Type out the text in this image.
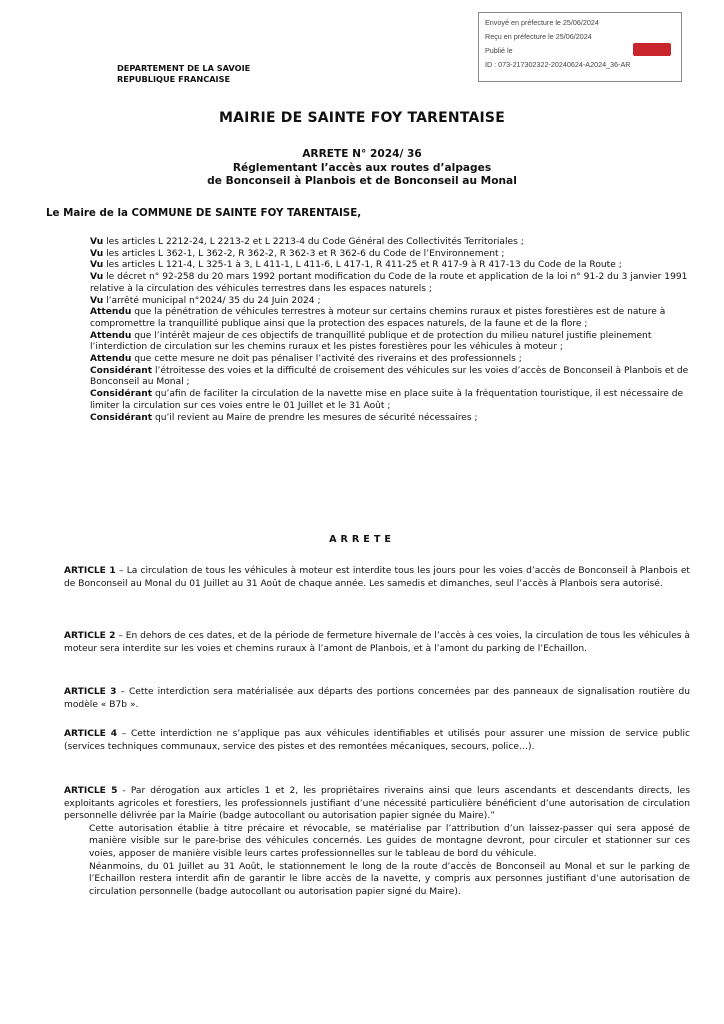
Envoyé en préfecture le 25/06/2024
Reçu en préfecture le 25/06/2024
Publié le
ID : 073-217302322-20240624-A2024_36-AR
DEPARTEMENT DE LA SAVOIE
REPUBLIQUE FRANCAISE
MAIRIE DE SAINTE FOY TARENTAISE
ARRETE N° 2024/ 36
Réglementant l’accès aux routes d’alpages
de Bonconseil à Planbois et de Bonconseil au Monal
Le Maire de la COMMUNE DE SAINTE FOY TARENTAISE,

Vu les articles L 2212-24, L 2213-2 et L 2213-4 du Code Général des Collectivités Territoriales ;

Vu les articles L 362-1, L 362-2, R 362-2, R 362-3 et R 362-6 du Code de l’Environnement ;

Vu les articles L 121-4, L 325-1 à 3, L 411-1, L 411-6, L 417-1, R 411-25 et R 417-9 à R 417-13 du Code de la Route ;

Vu le décret n° 92-258 du 20 mars 1992 portant modification du Code de la route et application de la loi n° 91-2 du 3 janvier 1991 relative à la circulation des véhicules terrestres dans les espaces naturels ;

Vu l’arrêté municipal n°2024/ 35 du 24 Juin 2024 ;

Attendu que la pénétration de véhicules terrestres à moteur sur certains chemins ruraux et pistes forestières est de nature à compromettre la tranquillité publique ainsi que la protection des espaces naturels, de la faune et de la flore ;

Attendu que l’intérêt majeur de ces objectifs de tranquillité publique et de protection du milieu naturel justifie pleinement l’interdiction de circulation sur les chemins ruraux et les pistes forestières pour les véhicules à moteur ;

Attendu que cette mesure ne doit pas pénaliser l’activité des riverains et des professionnels ;

Considérant l’étroitesse des voies et la difficulté de croisement des véhicules sur les voies d’accès de Bonconseil à Planbois et de Bonconseil au Monal ;

Considérant qu’afin de faciliter la circulation de la navette mise en place suite à la fréquentation touristique, il est nécessaire de limiter la circulation sur ces voies entre le 01 Juillet et le 31 Août ;

Considérant qu’il revient au Maire de prendre les mesures de sécurité nécessaires ;

ARRETE

ARTICLE 1 – La circulation de tous les véhicules à moteur est interdite tous les jours pour les voies d’accès de Bonconseil à Planbois et de Bonconseil au Monal du 01 Juillet au 31 Août de chaque année. Les samedis et dimanches, seul l’accès à Planbois sera autorisé.

ARTICLE 2 – En dehors de ces dates, et de la période de fermeture hivernale de l’accès à ces voies, la circulation de tous les véhicules à moteur sera interdite sur les voies et chemins ruraux à l’amont de Planbois, et à l’amont du parking de l’Echaillon.

ARTICLE 3 – Cette interdiction sera matérialisée aux départs des portions concernées par des panneaux de signalisation routière du modèle « B7b ».

ARTICLE 4 – Cette interdiction ne s’applique pas aux véhicules identifiables et utilisés pour assurer une mission de service public (services techniques communaux, service des pistes et des remontées mécaniques, secours, police…).

ARTICLE 5 - Par dérogation aux articles 1 et 2, les propriétaires riverains ainsi que leurs ascendants et descendants directs, les exploitants agricoles et forestiers, les professionnels justifiant d’une nécessité particulière bénéficient d’une autorisation de circulation personnelle délivrée par la Mairie (badge autocollant ou autorisation papier signée du Maire).”

Cette autorisation établie à titre précaire et révocable, se matérialise par l’attribution d’un laissez-passer qui sera apposé de manière visible sur le pare-brise des véhicules concernés. Les guides de montagne devront, pour circuler et stationner sur ces voies, apposer de manière visible leurs cartes professionnelles sur le tableau de bord du véhicule.

Néanmoins, du 01 Juillet au 31 Août, le stationnement le long de la route d’accès de Bonconseil au Monal et sur le parking de l’Echaillon restera interdit afin de garantir le libre accès de la navette, y compris aux personnes justifiant d’une autorisation de circulation personnelle (badge autocollant ou autorisation papier signé du Maire).
